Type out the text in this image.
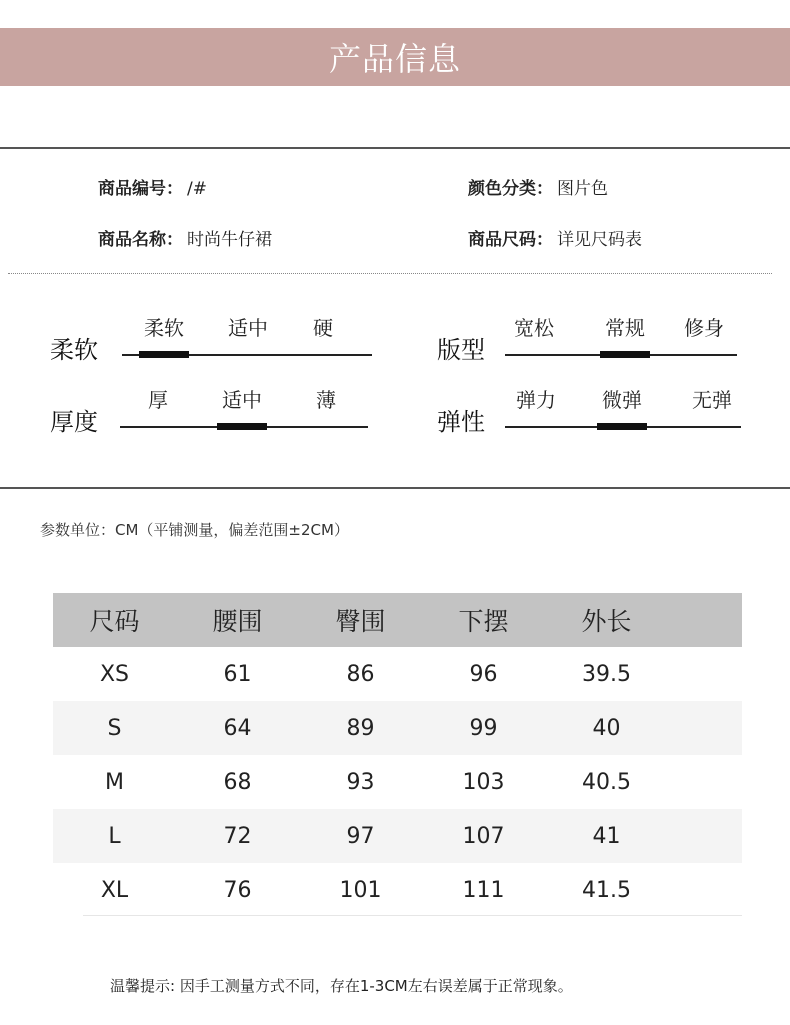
产品信息
商品编号： /#	颜色分类： 图片色
商品名称： 时尚牛仔裙	商品尺码： 详见尺码表
柔软
柔软 适中 硬
版型
宽松	常规 修身
厚度
厚	适中	薄
弹性
弹力 微弹	无弹
参数单位：CM（平铺测量，偏差范围±2CM）
尺码	腰围	臀围	下摆	外长
XS	61	86	96	39.5
S	64	89	99	40
M	68	93	103	40.5
L	72	97	107	41
XL	76	101	111	41.5
温馨提示: 因手工测量方式不同，存在1-3CM左右误差属于正常现象。
